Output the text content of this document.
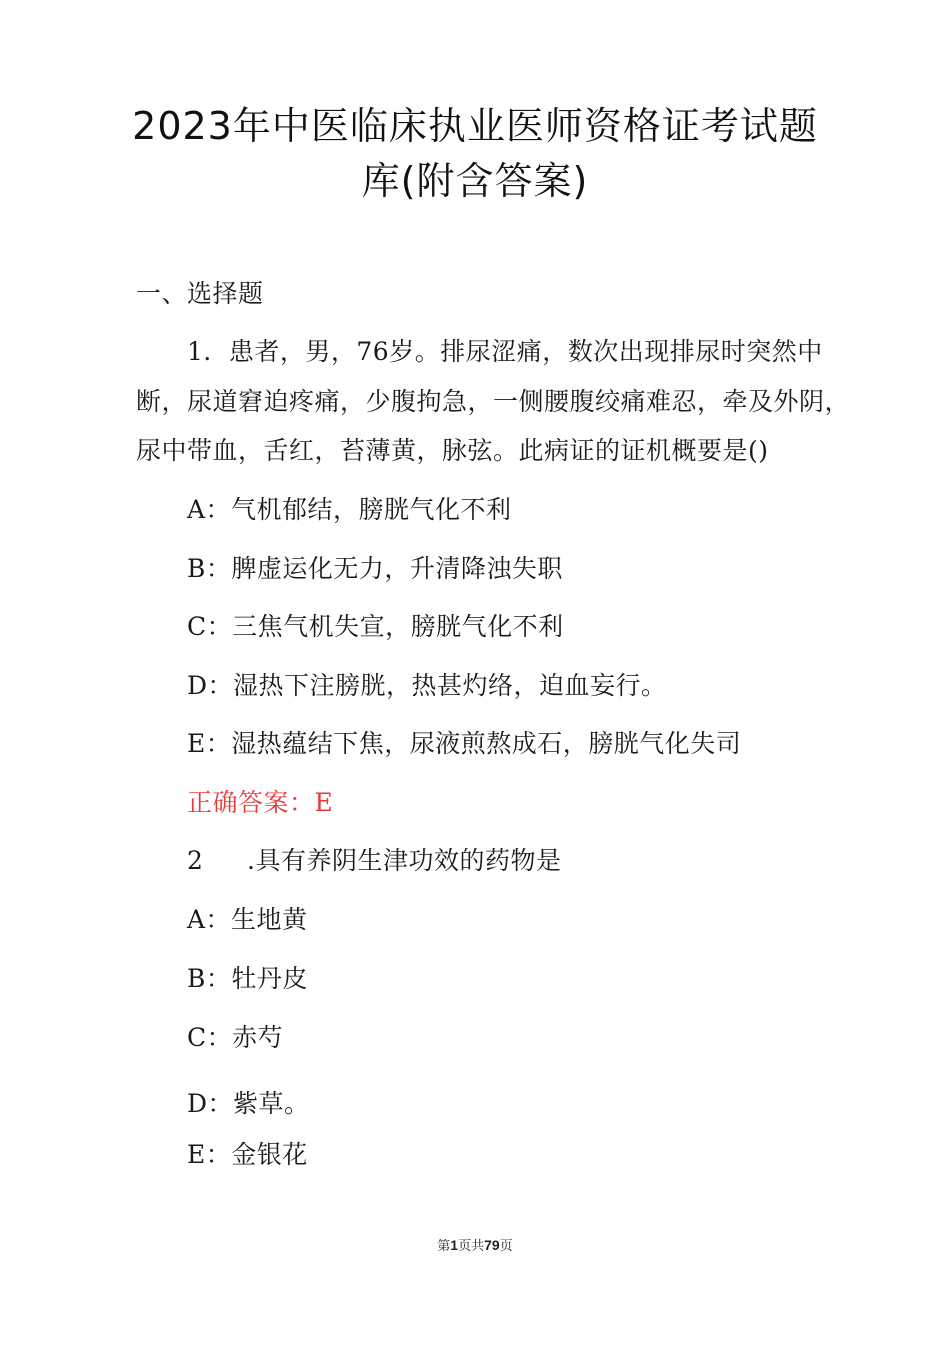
2023年中医临床执业医师资格证考试题
库(附含答案)
一、选择题
1．患者，男，76岁。排尿涩痛，数次出现排尿时突然中
断，尿道窘迫疼痛，少腹拘急，一侧腰腹绞痛难忍，牵及外阴，
尿中带血，舌红，苔薄黄，脉弦。此病证的证机概要是()
A：气机郁结，膀胱气化不利
B：脾虚运化无力，升清降浊失职
C：三焦气机失宣，膀胱气化不利
D：湿热下注膀胱，热甚灼络，迫血妄行。
E：湿热蕴结下焦，尿液煎熬成石，膀胱气化失司
正确答案：E
2 .具有养阴生津功效的药物是
A：生地黄
B：牡丹皮
C：赤芍
D：紫草。
E：金银花
第1页共79页
